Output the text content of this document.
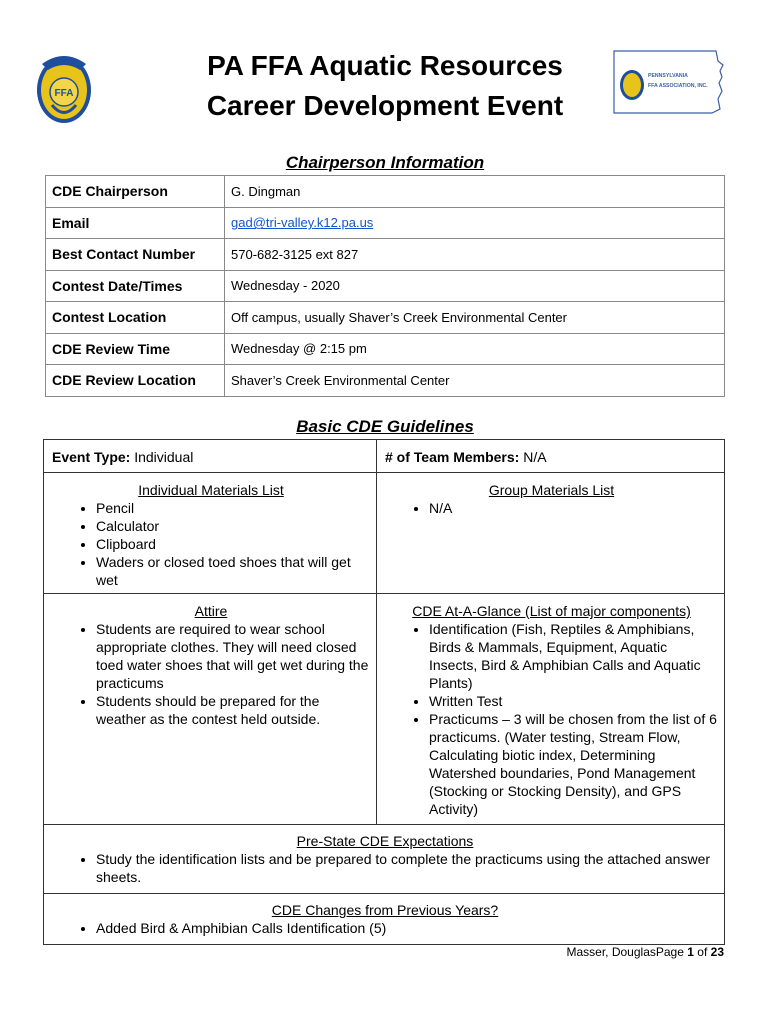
FFA
PA FFA Aquatic Resources
Career Development Event
PENNSYLVANIA
FFA ASSOCIATION, INC.
Chairperson Information
CDE Chairperson	G. Dingman
Email	gad@tri-valley.k12.pa.us
Best Contact Number	570-682-3125 ext 827
Contest Date/Times	Wednesday - 2020
Contest Location	Off campus, usually Shaver’s Creek Environmental Center
CDE Review Time	Wednesday @ 2:15 pm
CDE Review Location	Shaver’s Creek Environmental Center
Basic CDE Guidelines
Event Type: Individual	# of Team Members: N/A
Individual Materials List
• Pencil
• Calculator
• Clipboard
• Waders or closed toed shoes that will get wet
Group Materials List
• N/A
Attire
• Students are required to wear school appropriate clothes. They will need closed toed water shoes that will get wet during the practicums
• Students should be prepared for the weather as the contest held outside.
CDE At-A-Glance (List of major components)
• Identification (Fish, Reptiles & Amphibians, Birds & Mammals, Equipment, Aquatic Insects, Bird & Amphibian Calls and Aquatic Plants)
• Written Test
• Practicums – 3 will be chosen from the list of 6 practicums. (Water testing, Stream Flow, Calculating biotic index, Determining Watershed boundaries, Pond Management (Stocking or Stocking Density), and GPS Activity)
Pre-State CDE Expectations
• Study the identification lists and be prepared to complete the practicums using the attached answer sheets.
CDE Changes from Previous Years?
• Added Bird & Amphibian Calls Identification (5)
Masser, DouglasPage 1 of 23
